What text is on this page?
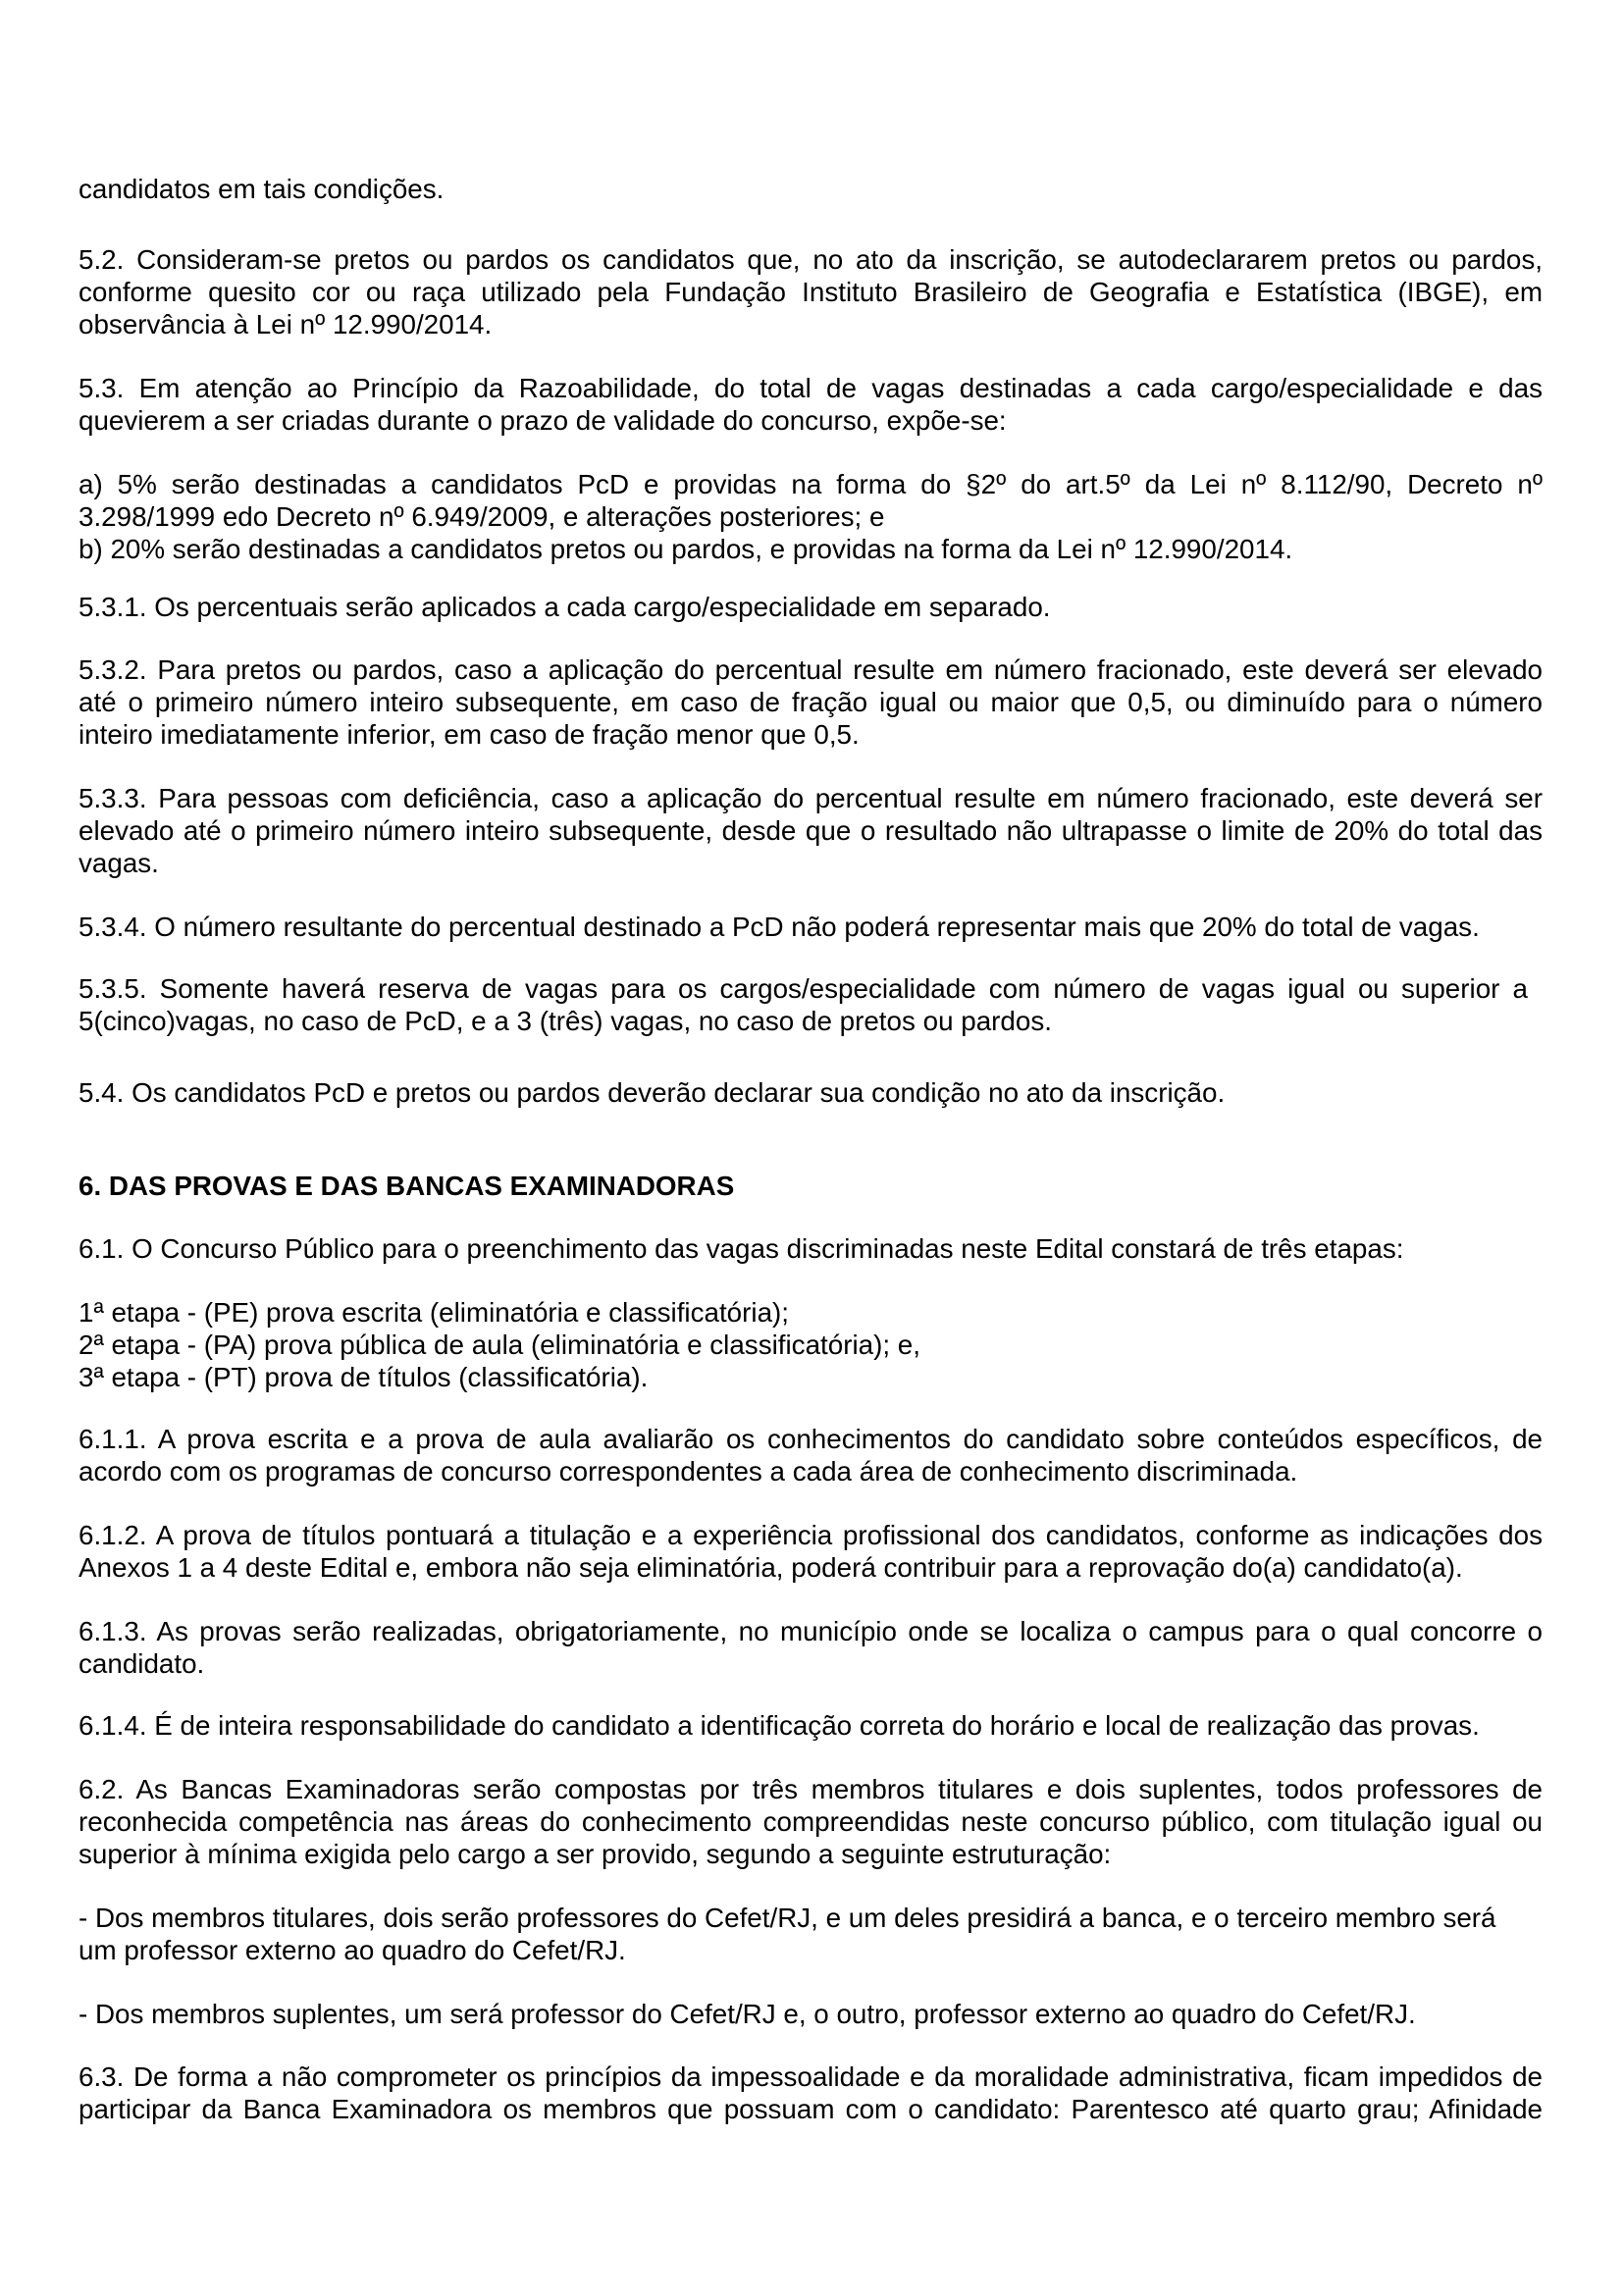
candidatos em tais condições.
5.2. Consideram-se pretos ou pardos os candidatos que, no ato da inscrição, se autodeclararem pretos ou pardos,
conforme quesito cor ou raça utilizado pela Fundação Instituto Brasileiro de Geografia e Estatística (IBGE), em
observância à Lei nº 12.990/2014.
5.3. Em atenção ao Princípio da Razoabilidade, do total de vagas destinadas a cada cargo/especialidade e das
quevierem a ser criadas durante o prazo de validade do concurso, expõe-se:
a) 5% serão destinadas a candidatos PcD e providas na forma do §2º do art.5º da Lei nº 8.112/90, Decreto nº
3.298/1999 edo Decreto nº 6.949/2009, e alterações posteriores; e
b) 20% serão destinadas a candidatos pretos ou pardos, e providas na forma da Lei nº 12.990/2014.
5.3.1. Os percentuais serão aplicados a cada cargo/especialidade em separado.
5.3.2. Para pretos ou pardos, caso a aplicação do percentual resulte em número fracionado, este deverá ser elevado
até o primeiro número inteiro subsequente, em caso de fração igual ou maior que 0,5, ou diminuído para o número
inteiro imediatamente inferior, em caso de fração menor que 0,5.
5.3.3. Para pessoas com deficiência, caso a aplicação do percentual resulte em número fracionado, este deverá ser
elevado até o primeiro número inteiro subsequente, desde que o resultado não ultrapasse o limite de 20% do total das
vagas.
5.3.4. O número resultante do percentual destinado a PcD não poderá representar mais que 20% do total de vagas.
5.3.5. Somente haverá reserva de vagas para os cargos/especialidade com número de vagas igual ou superior a
5(cinco)vagas, no caso de PcD, e a 3 (três) vagas, no caso de pretos ou pardos.
5.4. Os candidatos PcD e pretos ou pardos deverão declarar sua condição no ato da inscrição.
6. DAS PROVAS E DAS BANCAS EXAMINADORAS
6.1. O Concurso Público para o preenchimento das vagas discriminadas neste Edital constará de três etapas:
1ª etapa - (PE) prova escrita (eliminatória e classificatória);
2ª etapa - (PA) prova pública de aula (eliminatória e classificatória); e,
3ª etapa - (PT) prova de títulos (classificatória).
6.1.1. A prova escrita e a prova de aula avaliarão os conhecimentos do candidato sobre conteúdos específicos, de
acordo com os programas de concurso correspondentes a cada área de conhecimento discriminada.
6.1.2. A prova de títulos pontuará a titulação e a experiência profissional dos candidatos, conforme as indicações dos
Anexos 1 a 4 deste Edital e, embora não seja eliminatória, poderá contribuir para a reprovação do(a) candidato(a).
6.1.3. As provas serão realizadas, obrigatoriamente, no município onde se localiza o campus para o qual concorre o
candidato.
6.1.4. É de inteira responsabilidade do candidato a identificação correta do horário e local de realização das provas.
6.2. As Bancas Examinadoras serão compostas por três membros titulares e dois suplentes, todos professores de
reconhecida competência nas áreas do conhecimento compreendidas neste concurso público, com titulação igual ou
superior à mínima exigida pelo cargo a ser provido, segundo a seguinte estruturação:
- Dos membros titulares, dois serão professores do Cefet/RJ, e um deles presidirá a banca, e o terceiro membro será
um professor externo ao quadro do Cefet/RJ.
- Dos membros suplentes, um será professor do Cefet/RJ e, o outro, professor externo ao quadro do Cefet/RJ.
6.3. De forma a não comprometer os princípios da impessoalidade e da moralidade administrativa, ficam impedidos de
participar da Banca Examinadora os membros que possuam com o candidato: Parentesco até quarto grau; Afinidade
